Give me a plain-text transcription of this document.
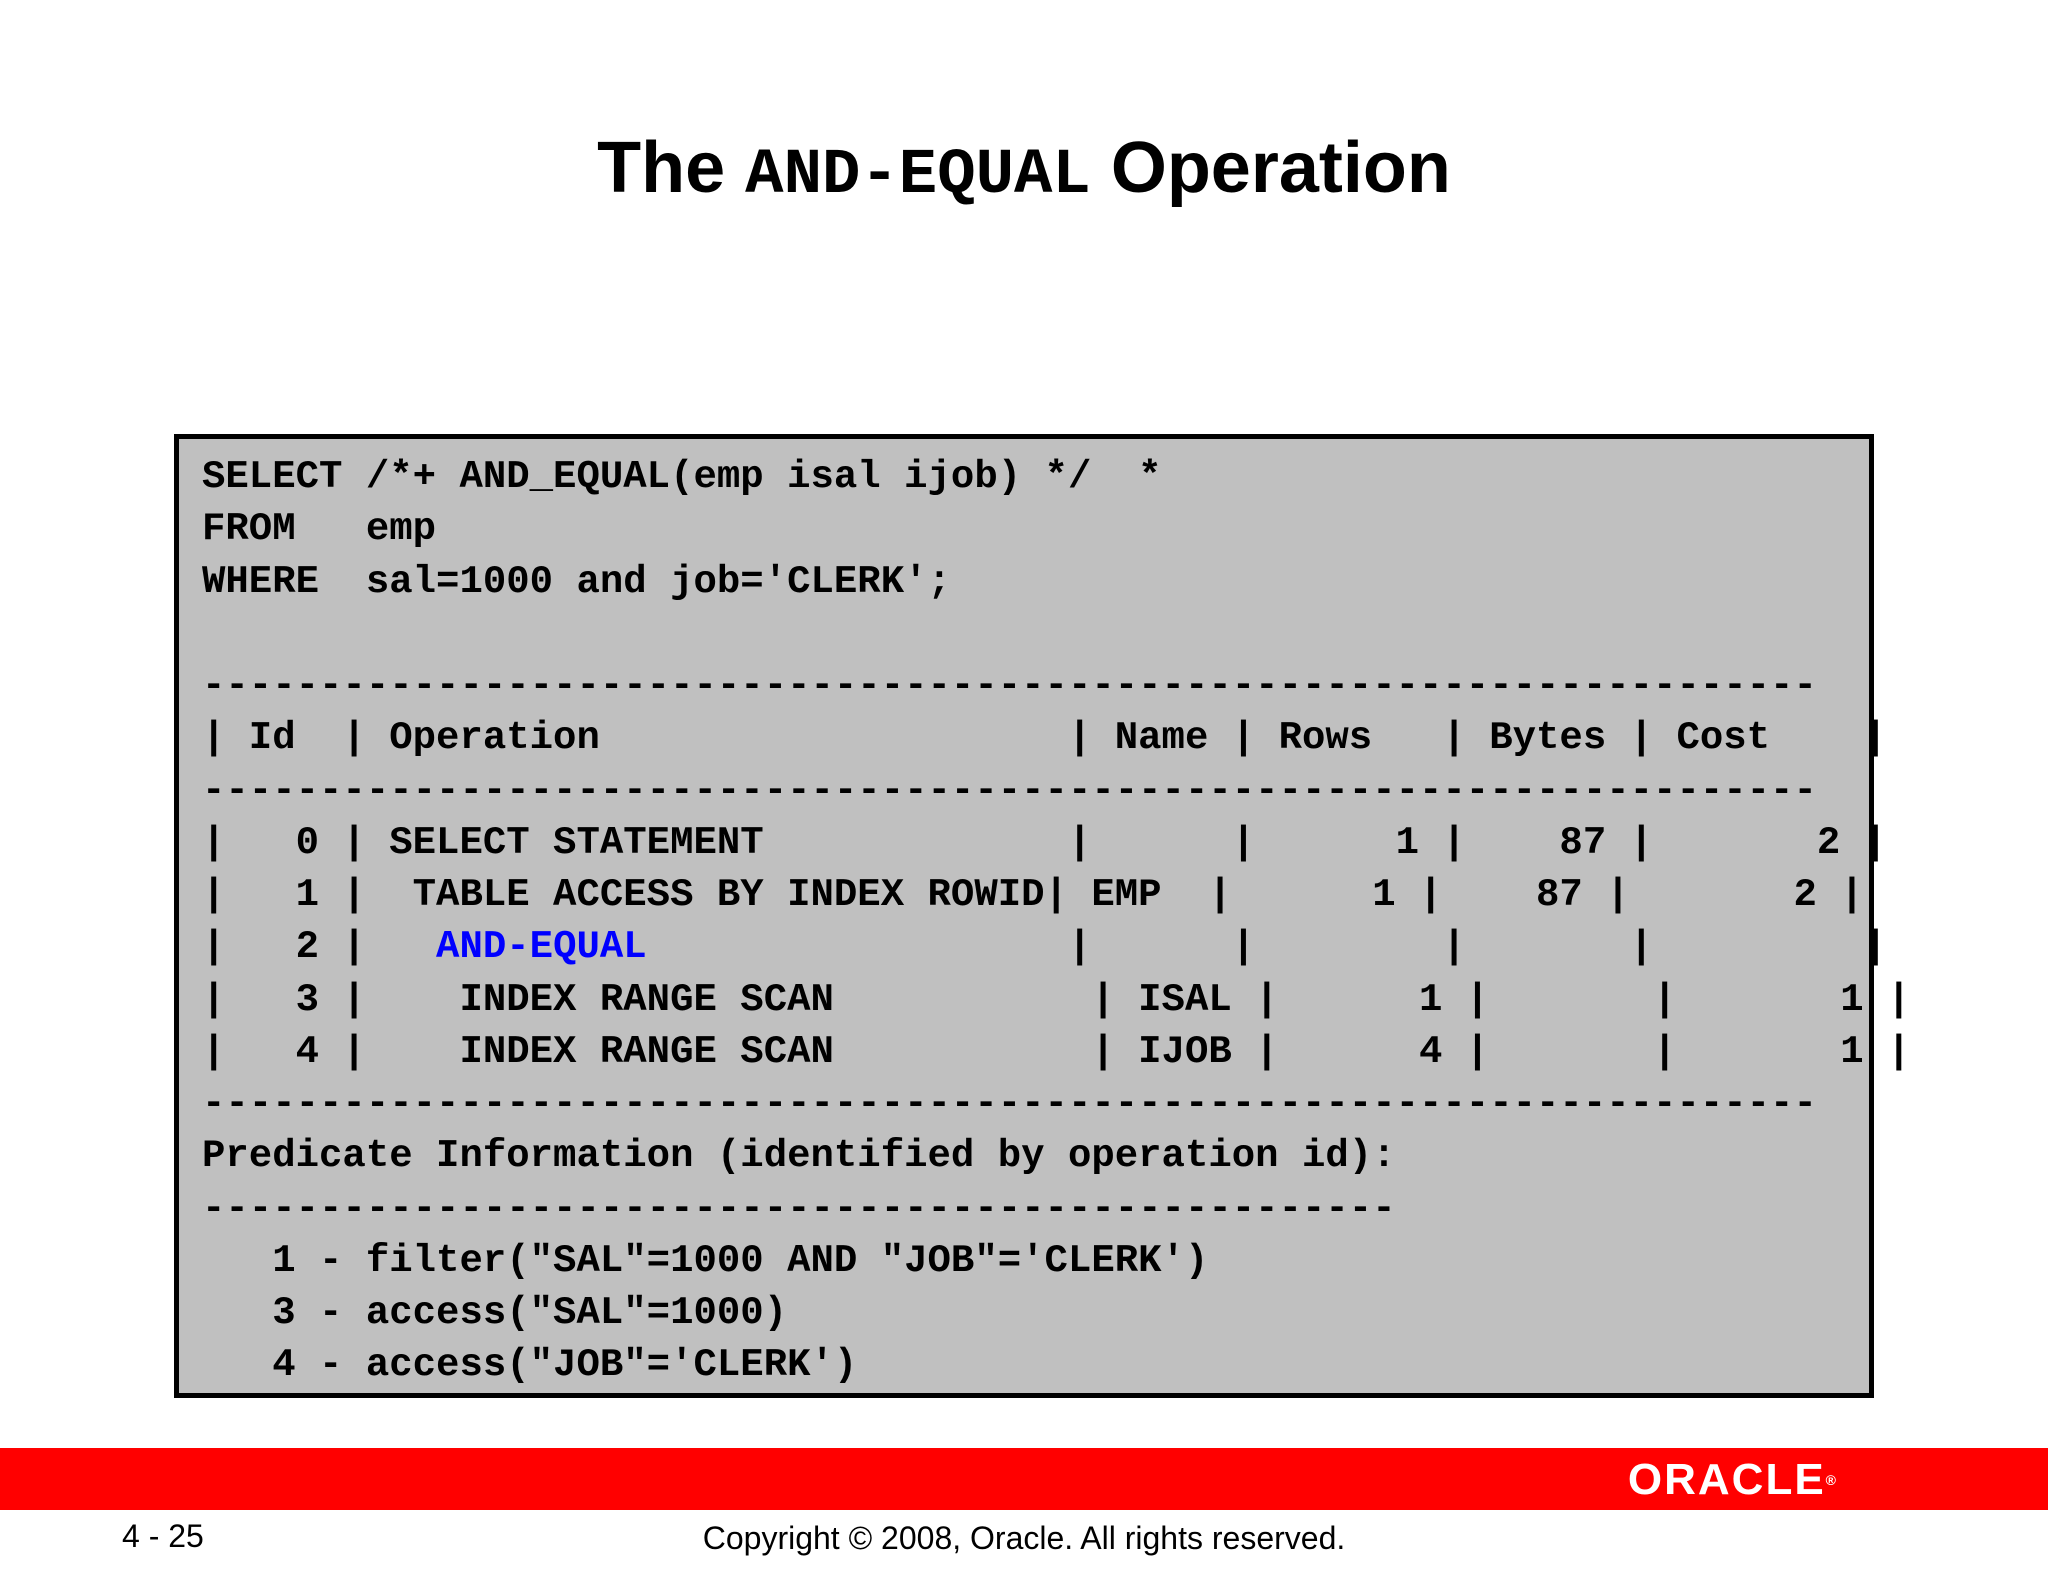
The AND-EQUAL Operation
SELECT /*+ AND_EQUAL(emp isal ijob) */  *
FROM   emp
WHERE  sal=1000 and job='CLERK';

---------------------------------------------------------------------
| Id  | Operation                    | Name | Rows   | Bytes | Cost    |
---------------------------------------------------------------------
|   0 | SELECT STATEMENT             |      |      1 |    87 |       2 |
|   1 |  TABLE ACCESS BY INDEX ROWID| EMP  |      1 |    87 |       2 |
|   2 |   AND-EQUAL                  |      |        |       |         |
|   3 |    INDEX RANGE SCAN           | ISAL |      1 |       |       1 |
|   4 |    INDEX RANGE SCAN           | IJOB |      4 |       |       1 |
---------------------------------------------------------------------
Predicate Information (identified by operation id):
---------------------------------------------------
1 - filter("SAL"=1000 AND "JOB"='CLERK')
3 - access("SAL"=1000)
4 - access("JOB"='CLERK')
ORACLE®
4 - 25	Copyright © 2008, Oracle. All rights reserved.
